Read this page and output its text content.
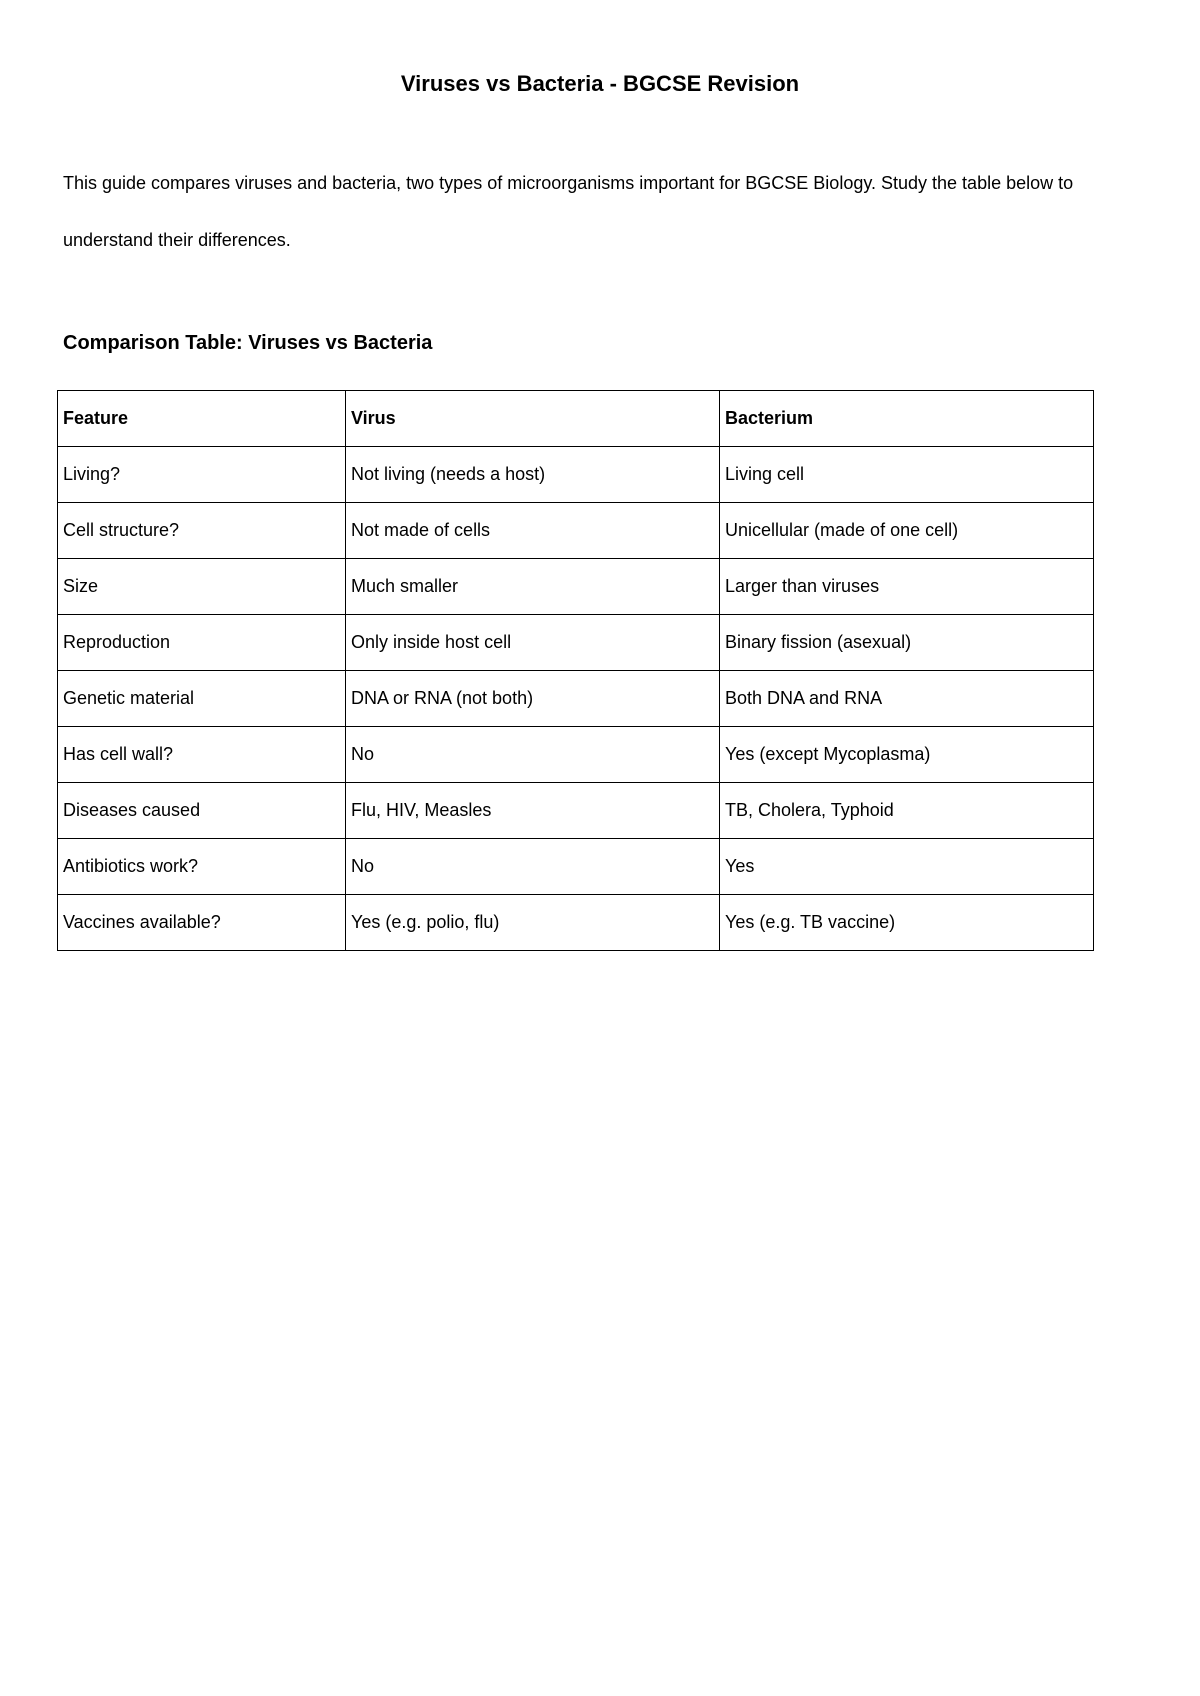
Viruses vs Bacteria - BGCSE Revision

This guide compares viruses and bacteria, two types of microorganisms important for BGCSE Biology. Study the table below to understand their differences.

Comparison Table: Viruses vs Bacteria
Feature	Virus	Bacterium
Living?	Not living (needs a host)	Living cell
Cell structure?	Not made of cells	Unicellular (made of one cell)
Size	Much smaller	Larger than viruses
Reproduction	Only inside host cell	Binary fission (asexual)
Genetic material	DNA or RNA (not both)	Both DNA and RNA
Has cell wall?	No	Yes (except Mycoplasma)
Diseases caused	Flu, HIV, Measles	TB, Cholera, Typhoid
Antibiotics work?	No	Yes
Vaccines available?	Yes (e.g. polio, flu)	Yes (e.g. TB vaccine)
